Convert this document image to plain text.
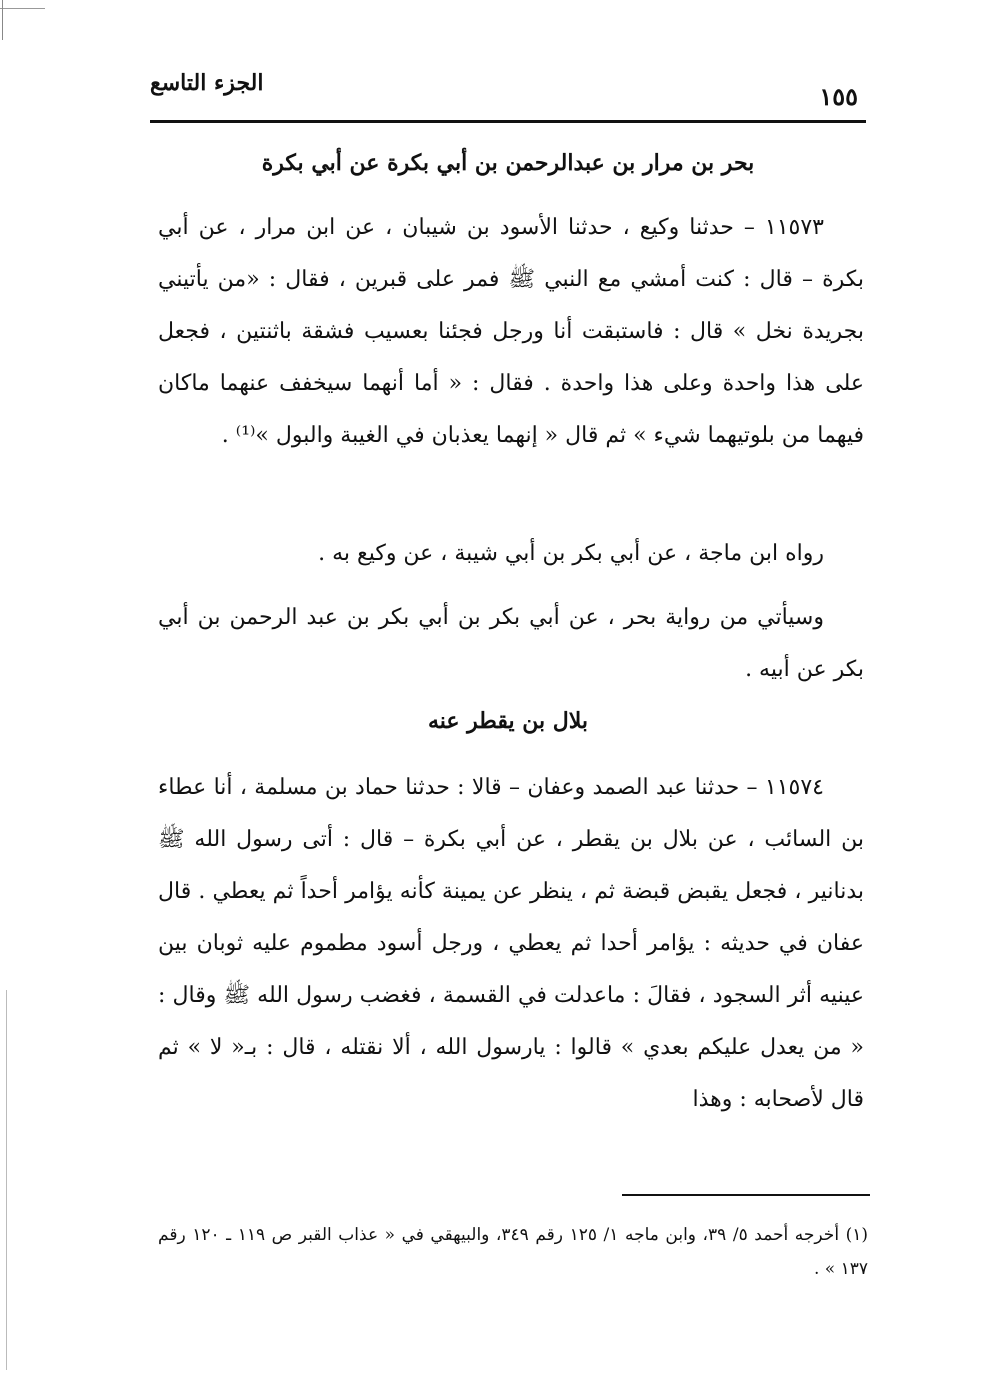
الجزء التاسع	١٥٥
بحر بن مرار بن عبدالرحمن بن أبي بكرة عن أبي بكرة
١١٥٧٣ – حدثنا وكيع ، حدثنا الأسود بن شيبان ، عن ابن مرار ، عن أبي بكرة – قال : كنت أمشي مع النبي ﷺ فمر على قبرين ، فقال : «من يأتيني بجريدة نخل » قال : فاستبقت أنا ورجل فجئنا بعسيب فشقة باثنتين ، فجعل على هذا واحدة وعلى هذا واحدة . فقال : « أما أنهما سيخفف عنهما ماكان فيهما من بلوتيهما شيء » ثم قال « إنهما يعذبان في الغيبة والبول »⁽¹⁾ .
رواه ابن ماجة ، عن أبي بكر بن أبي شيبة ، عن وكيع به .
وسيأتي من رواية بحر ، عن أبي بكر بن أبي بكر بن عبد الرحمن بن أبي بكر عن أبيه .
بلال بن يقطر عنه
١١٥٧٤ – حدثنا عبد الصمد وعفان – قالا : حدثنا حماد بن مسلمة ، أنا عطاء بن السائب ، عن بلال بن يقطر ، عن أبي بكرة – قال : أتى رسول الله ﷺ بدنانير ، فجعل يقبض قبضة ثم ، ينظر عن يمينة كأنه يؤامر أحداً ثم يعطي . قال عفان في حديثه : يؤامر أحدا ثم يعطي ، ورجل أسود مطموم عليه ثوبان بين عينيه أثر السجود ، فقالَ : ماعدلت في القسمة ، فغضب رسول الله ﷺ وقال : « من يعدل عليكم بعدي » قالوا : يارسول الله ، ألا نقتله ، قال : بـ« لا » ثم قال لأصحابه : وهذا
(١) أخرجه أحمد ٥/ ٣٩، وابن ماجه ١/ ١٢٥ رقم ٣٤٩، والبيهقي في « عذاب القبر ص ١١٩ ـ ١٢٠ رقم ١٣٧ » .
